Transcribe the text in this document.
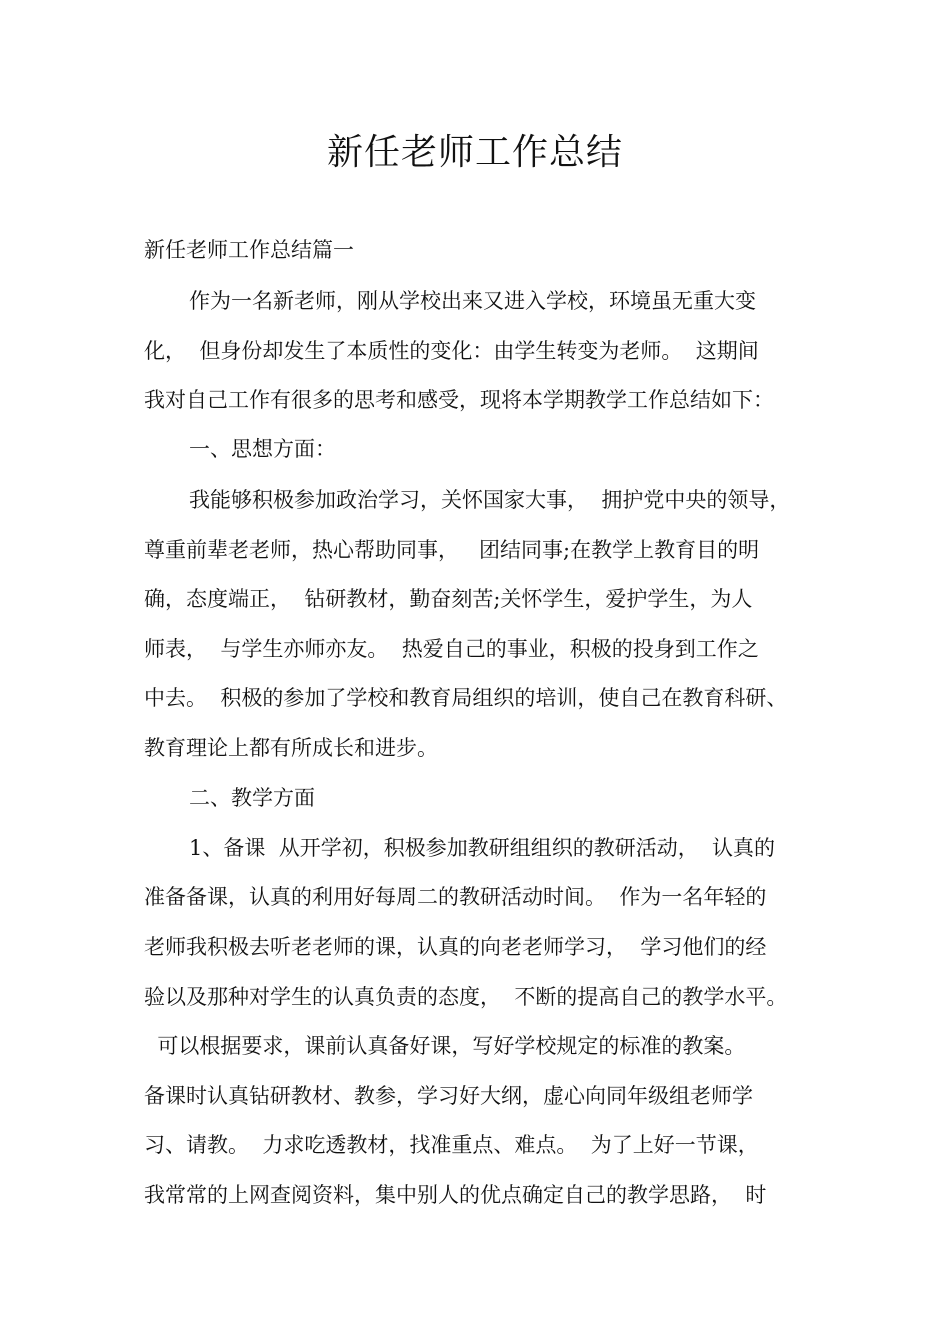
新任老师工作总结

新任老师工作总结篇一

作为一名新老师，刚从学校出来又进入学校，环境虽无重大变

化，  但身份却发生了本质性的变化：由学生转变为老师。  这期间

我对自己工作有很多的思考和感受，现将本学期教学工作总结如下：

一、思想方面：

我能够积极参加政治学习，关怀国家大事，  拥护党中央的领导，

尊重前辈老老师，热心帮助同事，   团结同事;在教学上教育目的明

确，态度端正，  钻研教材，勤奋刻苦;关怀学生，爱护学生，为人

师表，  与学生亦师亦友。  热爱自己的事业，积极的投身到工作之

中去。  积极的参加了学校和教育局组织的培训，使自己在教育科研、

教育理论上都有所成长和进步。

二、教学方面

1、备课  从开学初，积极参加教研组组织的教研活动，  认真的

准备备课，认真的利用好每周二的教研活动时间。  作为一名年轻的

老师我积极去听老老师的课，认真的向老老师学习，  学习他们的经

验以及那种对学生的认真负责的态度，  不断的提高自己的教学水平。

可以根据要求，课前认真备好课，写好学校规定的标准的教案。

备课时认真钻研教材、教参，学习好大纲，虚心向同年级组老师学

习、请教。  力求吃透教材，找准重点、难点。  为了上好一节课，

我常常的上网查阅资料，集中别人的优点确定自己的教学思路，  时
